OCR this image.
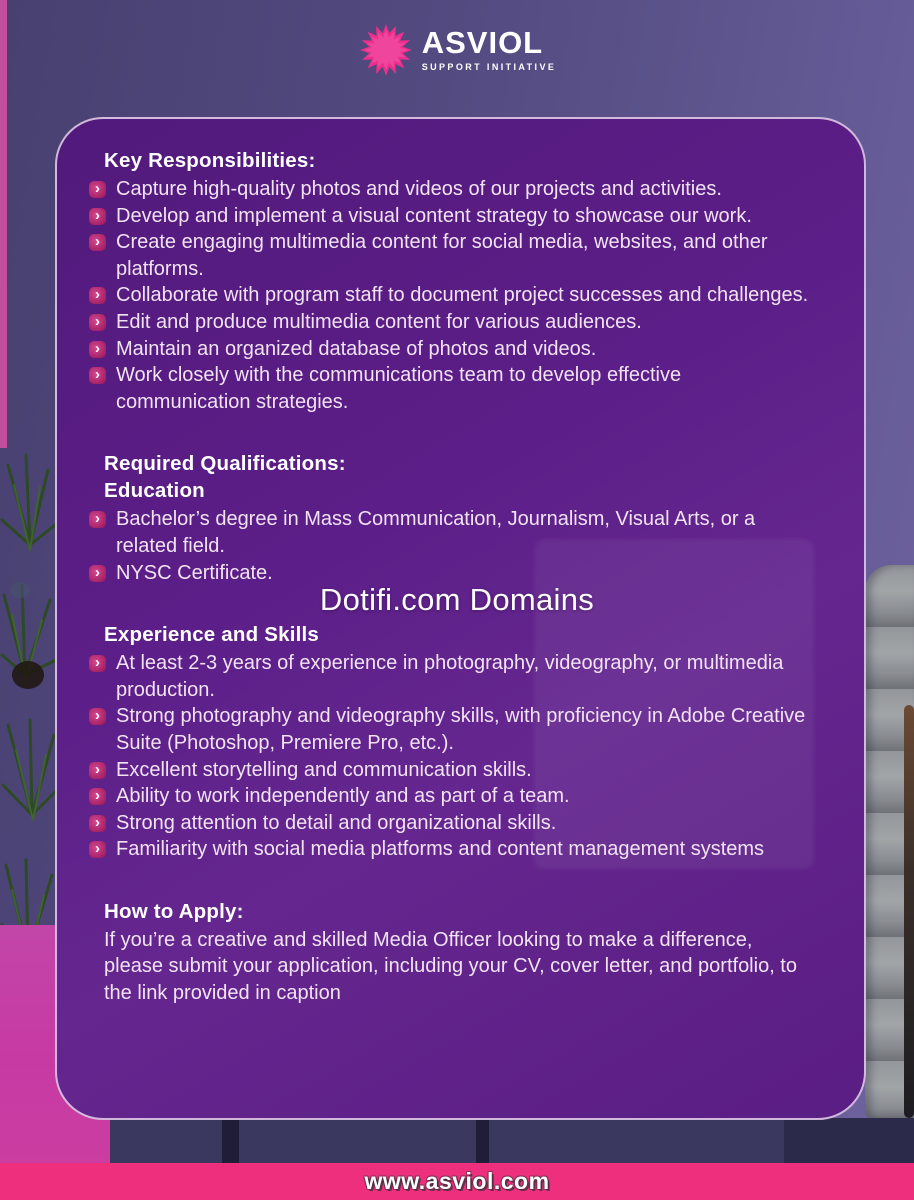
ASVIOL
SUPPORT INITIATIVE
Key Responsibilities:
›
Capture high-quality photos and videos of our projects and activities.
›
Develop and implement a visual content strategy to showcase our work.
›
Create engaging multimedia content for social media, websites, and other platforms.
›
Collaborate with program staff to document project successes and challenges.
›
Edit and produce multimedia content for various audiences.
›
Maintain an organized database of photos and videos.
›
Work closely with the communications team to develop effective communication strategies.
Required Qualifications:
Education
›
Bachelor’s degree in Mass Communication, Journalism, Visual Arts, or a related field.
›
NYSC Certificate.
Experience and Skills
›
At least 2-3 years of experience in photography, videography, or multimedia production.
›
Strong photography and videography skills, with proficiency in Adobe Creative Suite (Photoshop, Premiere Pro, etc.).
›
Excellent storytelling and communication skills.
›
Ability to work independently and as part of a team.
›
Strong attention to detail and organizational skills.
›
Familiarity with social media platforms and content management systems
How to Apply:

If you’re a creative and skilled Media Officer looking to make a difference, please submit your application, including your CV, cover letter, and portfolio, to the link provided in caption

Dotifi.com Domains
www.asviol.com
